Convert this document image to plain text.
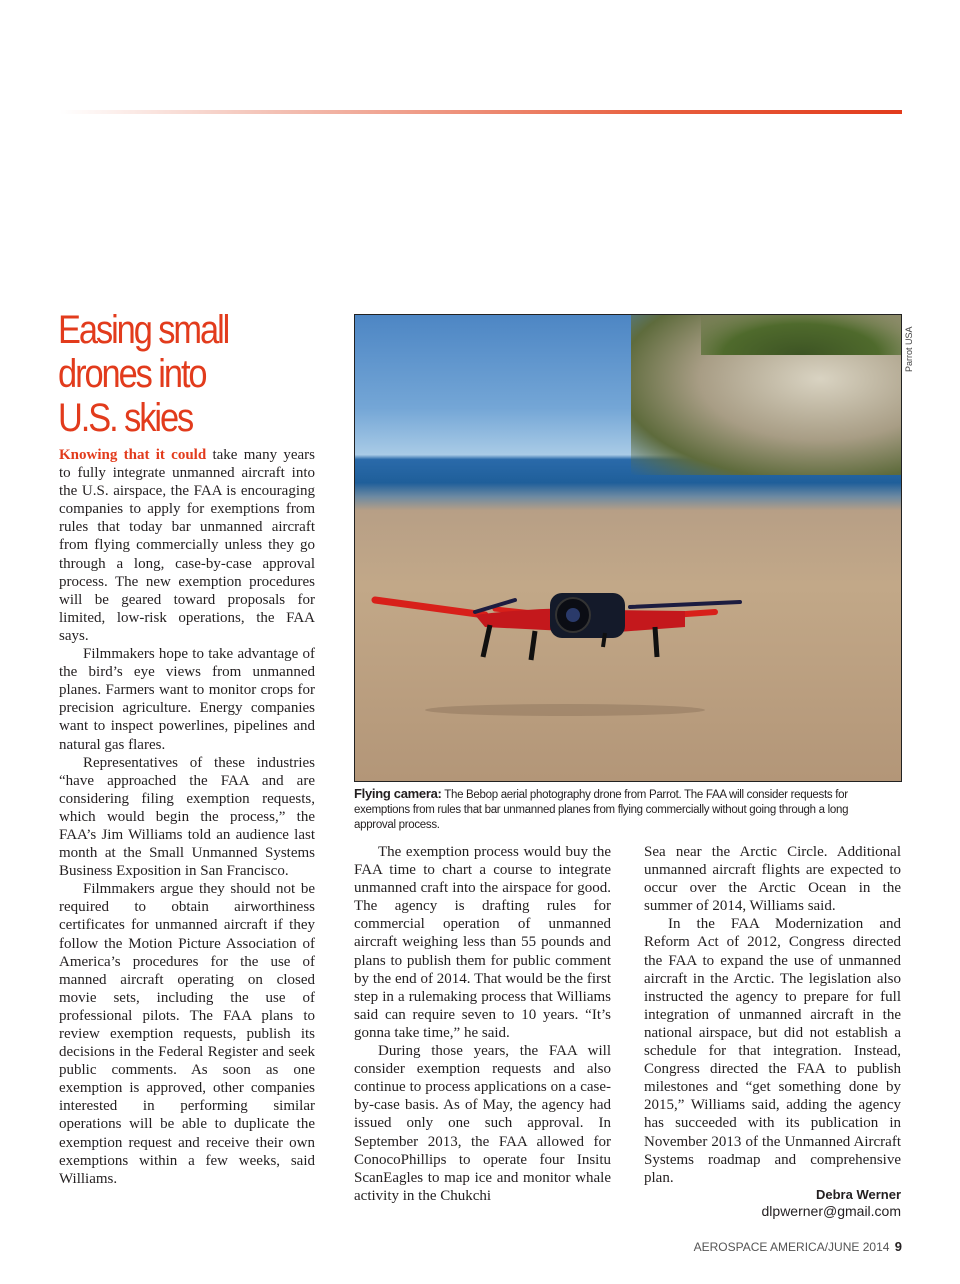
Easing small
drones into
U.S. skies

Knowing that it could take many years to fully integrate unmanned aircraft into the U.S. airspace, the FAA is encouraging companies to apply for exemptions from rules that today bar unmanned aircraft from flying commercially unless they go through a long, case-by-case approval process. The new exemption procedures will be geared toward proposals for limited, low-risk operations, the FAA says.

Filmmakers hope to take advantage of the bird’s eye views from unmanned planes. Farmers want to monitor crops for precision agriculture. Energy companies want to inspect powerlines, pipelines and natural gas flares.

Representatives of these industries “have approached the FAA and are considering filing exemption requests, which would begin the process,” the FAA’s Jim Williams told an audience last month at the Small Unmanned Systems Business Exposition in San Francisco.

Filmmakers argue they should not be required to obtain airworthiness certificates for unmanned aircraft if they follow the Motion Picture Association of America’s procedures for the use of manned aircraft operating on closed movie sets, including the use of professional pilots. The FAA plans to review exemption requests, publish its decisions in the Federal Register and seek public comments. As soon as one exemption is approved, other companies interested in performing similar operations will be able to duplicate the exemption request and receive their own exemptions within a few weeks, said Williams.

Parrot USA
Flying camera: The Bebop aerial photography drone from Parrot. The FAA will consider requests for exemptions from rules that bar unmanned planes from flying commercially without going through a long approval process.

The exemption process would buy the FAA time to chart a course to integrate unmanned craft into the airspace for good. The agency is drafting rules for commercial operation of unmanned aircraft weighing less than 55 pounds and plans to publish them for public comment by the end of 2014. That would be the first step in a rulemaking process that Williams said can require seven to 10 years. “It’s gonna take time,” he said.

During those years, the FAA will consider exemption requests and also continue to process applications on a case-by-case basis. As of May, the agency had issued only one such approval. In September 2013, the FAA allowed for ConocoPhillips to operate four Insitu ScanEagles to map ice and monitor whale activity in the Chukchi

Sea near the Arctic Circle. Additional unmanned aircraft flights are expected to occur over the Arctic Ocean in the summer of 2014, Williams said.

In the FAA Modernization and Reform Act of 2012, Congress directed the FAA to expand the use of unmanned aircraft in the Arctic. The legislation also instructed the agency to prepare for full integration of unmanned aircraft in the national airspace, but did not establish a schedule for that integration. Instead, Congress directed the FAA to publish milestones and “get something done by 2015,” Williams said, adding the agency has succeeded with its publication in November 2013 of the Unmanned Aircraft Systems roadmap and comprehensive plan.

Debra Werner
dlpwerner@gmail.com
AEROSPACE AMERICA/JUNE 2014 9
